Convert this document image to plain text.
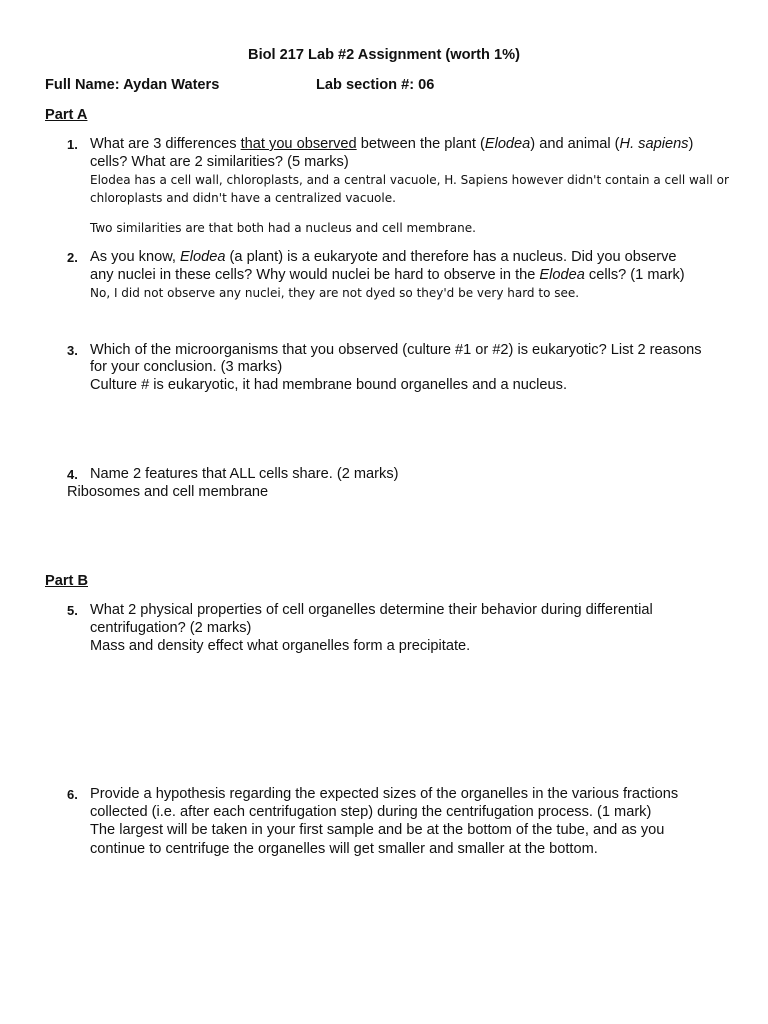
Biol 217 Lab #2 Assignment (worth 1%)
Full Name: Aydan Waters	Lab section #: 06
Part A
1. What are 3 differences that you observed between the plant (Elodea) and animal (H. sapiens)
cells? What are 2 similarities? (5 marks)
Elodea has a cell wall, chloroplasts, and a central vacuole, H. Sapiens however didn't contain a cell wall or
chloroplasts and didn't have a centralized vacuole.
Two similarities are that both had a nucleus and cell membrane.
2. As you know, Elodea (a plant) is a eukaryote and therefore has a nucleus. Did you observe
any nuclei in these cells? Why would nuclei be hard to observe in the Elodea cells? (1 mark)
No, I did not observe any nuclei, they are not dyed so they'd be very hard to see.
3. Which of the microorganisms that you observed (culture #1 or #2) is eukaryotic? List 2 reasons
for your conclusion. (3 marks)
Culture # is eukaryotic, it had membrane bound organelles and a nucleus.
4. Name 2 features that ALL cells share. (2 marks)
Ribosomes and cell membrane
Part B
5. What 2 physical properties of cell organelles determine their behavior during differential
centrifugation? (2 marks)
Mass and density effect what organelles form a precipitate.
6. Provide a hypothesis regarding the expected sizes of the organelles in the various fractions
collected (i.e. after each centrifugation step) during the centrifugation process. (1 mark)
The largest will be taken in your first sample and be at the bottom of the tube, and as you
continue to centrifuge the organelles will get smaller and smaller at the bottom.
